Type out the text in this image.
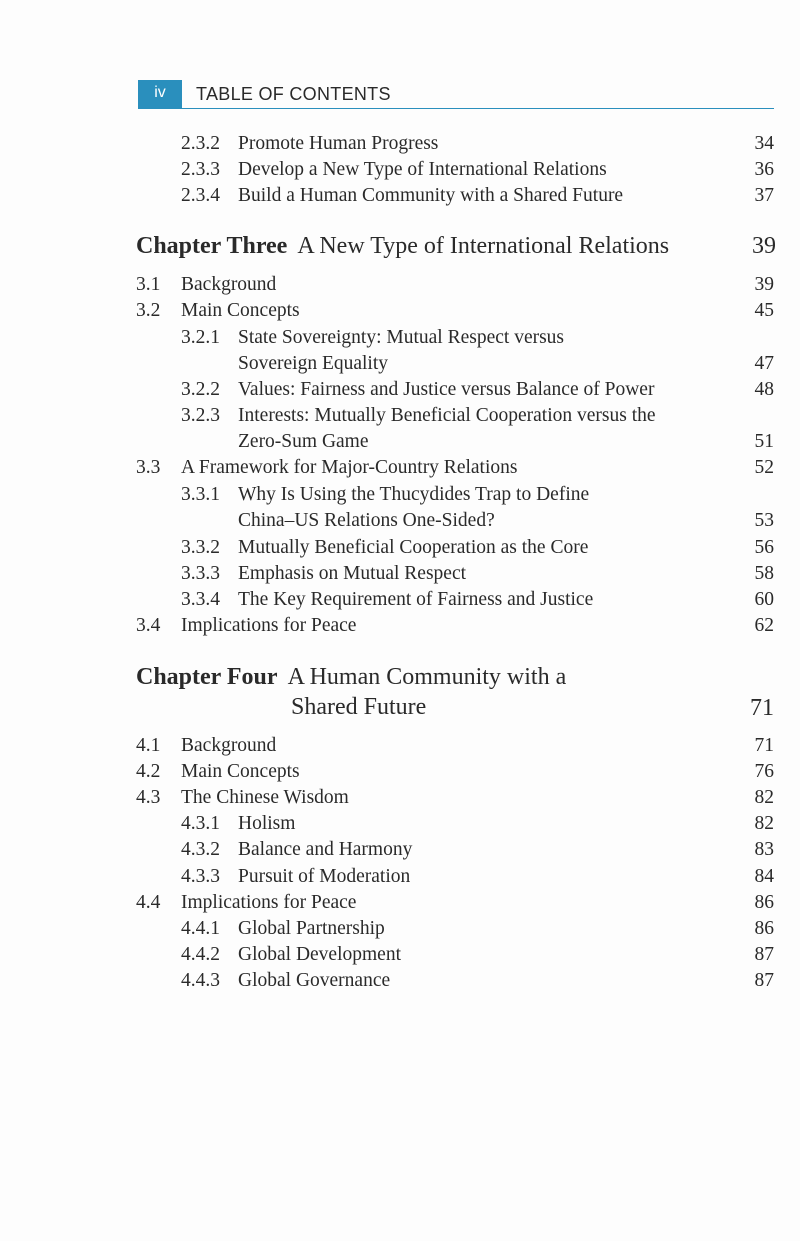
iv	TABLE OF CONTENTS
2.3.2 Promote Human Progress	34
2.3.3 Develop a New Type of International Relations	36
2.3.4 Build a Human Community with a Shared Future	37
Chapter Three A New Type of International Relations	39
3.1 Background	39
3.2 Main Concepts	45
3.2.1 State Sovereignty: Mutual Respect versus
Sovereign Equality	47
3.2.2 Values: Fairness and Justice versus Balance of Power	48
3.2.3 Interests: Mutually Beneficial Cooperation versus the
Zero-Sum Game	51
3.3 A Framework for Major-Country Relations	52
3.3.1 Why Is Using the Thucydides Trap to Define
China–US Relations One-Sided?	53
3.3.2 Mutually Beneficial Cooperation as the Core	56
3.3.3 Emphasis on Mutual Respect	58
3.3.4 The Key Requirement of Fairness and Justice	60
3.4 Implications for Peace	62
Chapter Four A Human Community with a
Shared Future	71
4.1 Background	71
4.2 Main Concepts	76
4.3 The Chinese Wisdom	82
4.3.1 Holism	82
4.3.2 Balance and Harmony	83
4.3.3 Pursuit of Moderation	84
4.4 Implications for Peace	86
4.4.1 Global Partnership	86
4.4.2 Global Development	87
4.4.3 Global Governance	87
